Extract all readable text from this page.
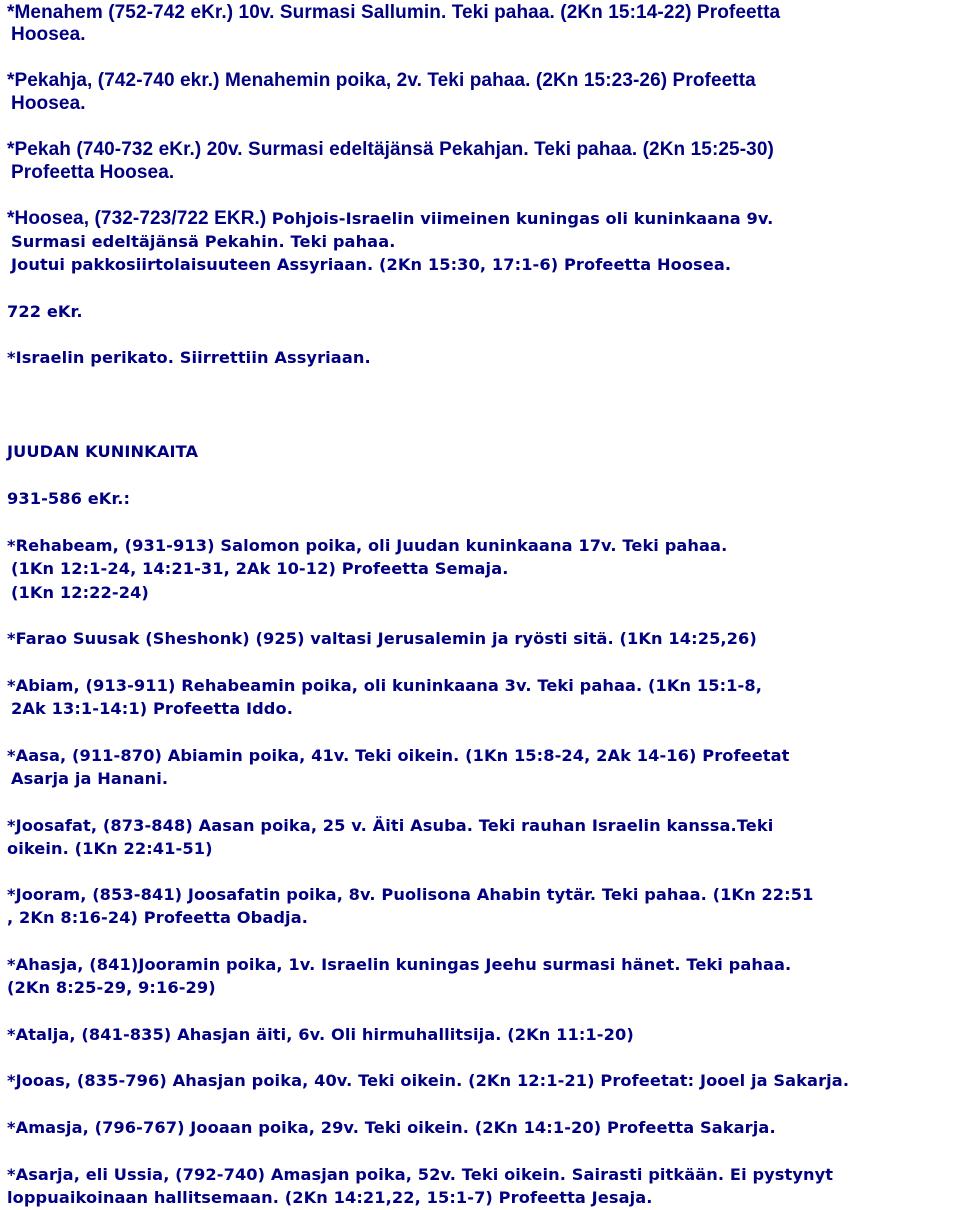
*Menahem (752-742 eKr.) 10v. Surmasi Sallumin. Teki pahaa. (2Kn 15:14-22) Profeetta
Hoosea.
*Pekahja, (742-740 ekr.) Menahemin poika, 2v. Teki pahaa. (2Kn 15:23-26) Profeetta
Hoosea.
*Pekah (740-732 eKr.) 20v. Surmasi edeltäjänsä Pekahjan. Teki pahaa. (2Kn 15:25-30)
Profeetta Hoosea.
*Hoosea, (732-723/722 EKR.) Pohjois-Israelin viimeinen kuningas oli kuninkaana 9v.
Surmasi edeltäjänsä Pekahin. Teki pahaa.
Joutui pakkosiirtolaisuuteen Assyriaan. (2Kn 15:30, 17:1-6) Profeetta Hoosea.
722 eKr.
*Israelin perikato. Siirrettiin Assyriaan.
JUUDAN KUNINKAITA
931-586 eKr.:
*Rehabeam, (931-913) Salomon poika, oli Juudan kuninkaana 17v. Teki pahaa.
(1Kn 12:1-24, 14:21-31, 2Ak 10-12) Profeetta Semaja.
(1Kn 12:22-24)
*Farao Suusak (Sheshonk) (925) valtasi Jerusalemin ja ryösti sitä. (1Kn 14:25,26)
*Abiam, (913-911) Rehabeamin poika, oli kuninkaana 3v. Teki pahaa. (1Kn 15:1-8,
2Ak 13:1-14:1) Profeetta Iddo.
*Aasa, (911-870) Abiamin poika, 41v. Teki oikein. (1Kn 15:8-24, 2Ak 14-16) Profeetat
Asarja ja Hanani.
*Joosafat, (873-848) Aasan poika, 25 v. Äiti Asuba. Teki rauhan Israelin kanssa.Teki
oikein. (1Kn 22:41-51)
*Jooram, (853-841) Joosafatin poika, 8v. Puolisona Ahabin tytär. Teki pahaa. (1Kn 22:51
, 2Kn 8:16-24) Profeetta Obadja.
*Ahasja, (841)Jooramin poika, 1v. Israelin kuningas Jeehu surmasi hänet. Teki pahaa.
(2Kn 8:25-29, 9:16-29)
*Atalja, (841-835) Ahasjan äiti, 6v. Oli hirmuhallitsija. (2Kn 11:1-20)
*Jooas, (835-796) Ahasjan poika, 40v. Teki oikein. (2Kn 12:1-21) Profeetat: Jooel ja Sakarja.
*Amasja, (796-767) Jooaan poika, 29v. Teki oikein. (2Kn 14:1-20) Profeetta Sakarja.
*Asarja, eli Ussia, (792-740) Amasjan poika, 52v. Teki oikein. Sairasti pitkään. Ei pystynyt
loppuaikoinaan hallitsemaan. (2Kn 14:21,22, 15:1-7) Profeetta Jesaja.
